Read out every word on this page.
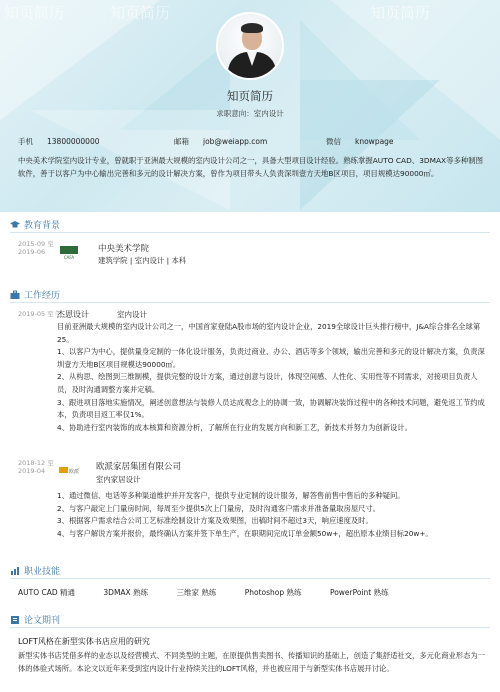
知页简历	知页简历	知页简历
知页简历
求职意向：室内设计
手机 13800000000	邮箱 job@weiapp.com	微信 knowpage
中央美术学院室内设计专业，曾就职于亚洲最大规模的室内设计公司之一，具备大型项目设计经验。熟练掌握AUTO CAD、3DMAX等多种制图软件，善于以客户为中心输出完善和多元的设计解决方案，曾作为项目带头人负责深圳壹方天地B区项目，项目规模达90000㎡。
教育背景
2015-09 至
2019-06
CAFA
中央美术学院
建筑学院 | 室内设计 | 本科
工作经历
2019-05 至今
杰恩设计	室内设计
目前亚洲最大规模的室内设计公司之一，中国首家登陆A股市场的室内设计企业，2019全球设计巨头排行榜中，J&A综合排名全球第25。
1、以客户为中心，提供量身定制的一体化设计服务，负责过商业、办公、酒店等多个领域，输出完善和多元的设计解决方案，负责深圳壹方天地B区项目规模达90000㎡。
2、从构思、绘图到三维制模，提供完整的设计方案，通过创意与设计，体现空间感、人性化、实用性等不同需求，对接项目负责人员，及时沟通调整方案并定稿。
3、跟进项目落地实施情况，阐述创意想法与装修人员达成观念上的协调一致，协调解决装饰过程中的各种技术问题，避免返工节约成本，负责项目返工率仅1%。
4、协助进行室内装饰的成本核算和资源分析，了解所在行业的发展方向和新工艺，新技术并努力为创新设计。
2018-12 至
2019-04	欧派 欧派家居集团有限公司
室内家居设计
1、通过微信、电话等多种渠道维护并开发客户，提供专业定制的设计服务，解答售前售中售后的多种疑问。
2、与客户敲定上门量房时间，每周至少提供5次上门量房，及时沟通客户需求并准备量取房屋尺寸。
3、根据客户需求结合公司工艺标准绘制设计方案及效果图，出稿时间不超过3天，响应速度及时。
4、与客户解说方案并报价，最终确认方案并签下单生产，在职期间完成订单金额50w+，超出原本业绩目标20w+。
职业技能
AUTO CAD 精通	3DMAX 熟练	三维家 熟练	Photoshop 熟练	PowerPoint 熟练
论文期刊
LOFT风格在新型实体书店应用的研究
新型实体书店凭借多样的业态以及经营模式、不同类型的主题，在原提供售卖图书、传播知识的基础上，创造了集舒适社交，多元化商业形态为一体的体验式场所。本论文以近年来受到室内设计行业持续关注的LOFT风格，并也被应用于与新型实体书店展开讨论。
